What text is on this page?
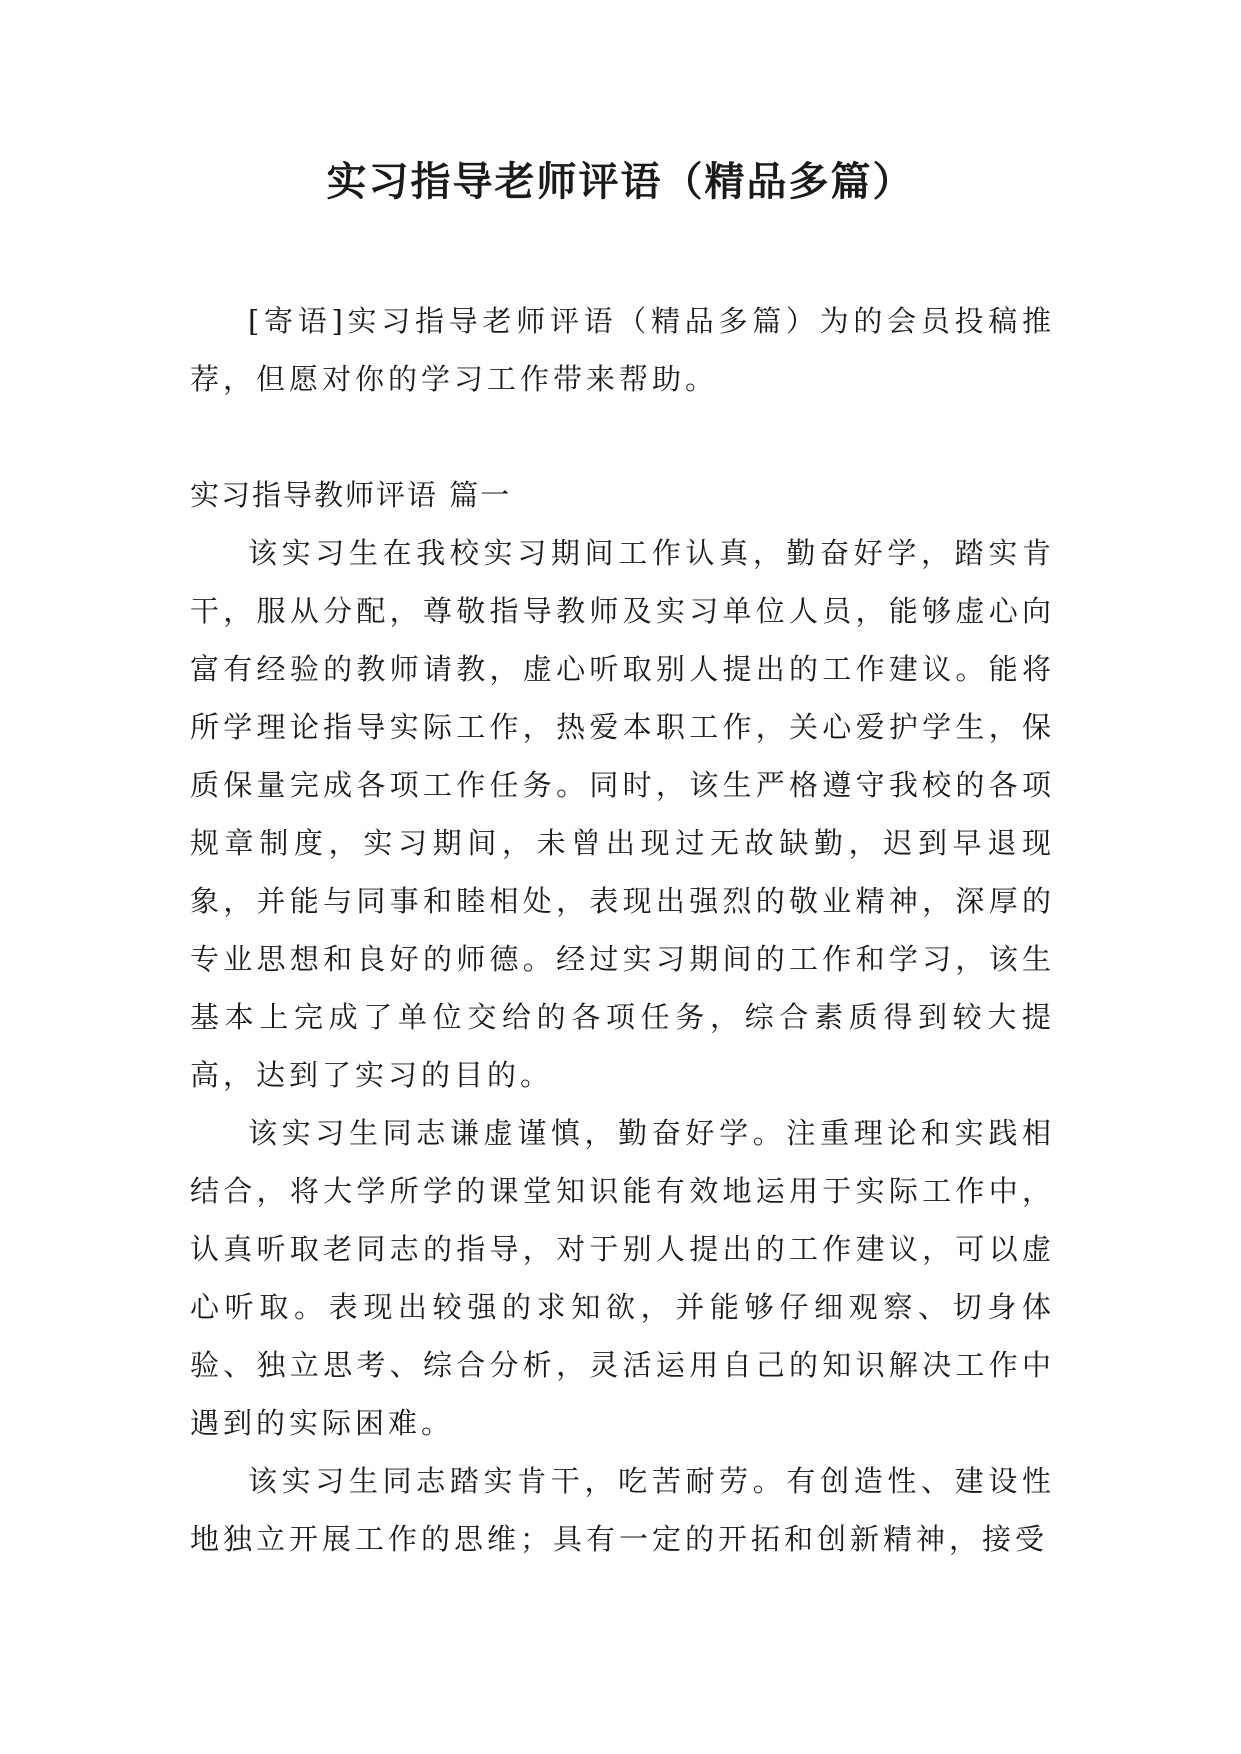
实习指导老师评语（精品多篇）

[寄语]实习指导老师评语（精品多篇）为的会员投稿推荐，但愿对你的学习工作带来帮助。

实习指导教师评语 篇一

该实习生在我校实习期间工作认真，勤奋好学，踏实肯干，服从分配，尊敬指导教师及实习单位人员，能够虚心向富有经验的教师请教，虚心听取别人提出的工作建议。能将所学理论指导实际工作，热爱本职工作，关心爱护学生，保质保量完成各项工作任务。同时，该生严格遵守我校的各项规章制度，实习期间，未曾出现过无故缺勤，迟到早退现象，并能与同事和睦相处，表现出强烈的敬业精神，深厚的专业思想和良好的师德。经过实习期间的工作和学习，该生基本上完成了单位交给的各项任务，综合素质得到较大提高，达到了实习的目的。

该实习生同志谦虚谨慎，勤奋好学。注重理论和实践相结合，将大学所学的课堂知识能有效地运用于实际工作中，认真听取老同志的指导，对于别人提出的工作建议，可以虚心听取。表现出较强的求知欲，并能够仔细观察、切身体验、独立思考、综合分析，灵活运用自己的知识解决工作中遇到的实际困难。

该实习生同志踏实肯干，吃苦耐劳。有创造性、建设性地独立开展工作的思维；具有一定的开拓和创新精神，接受
